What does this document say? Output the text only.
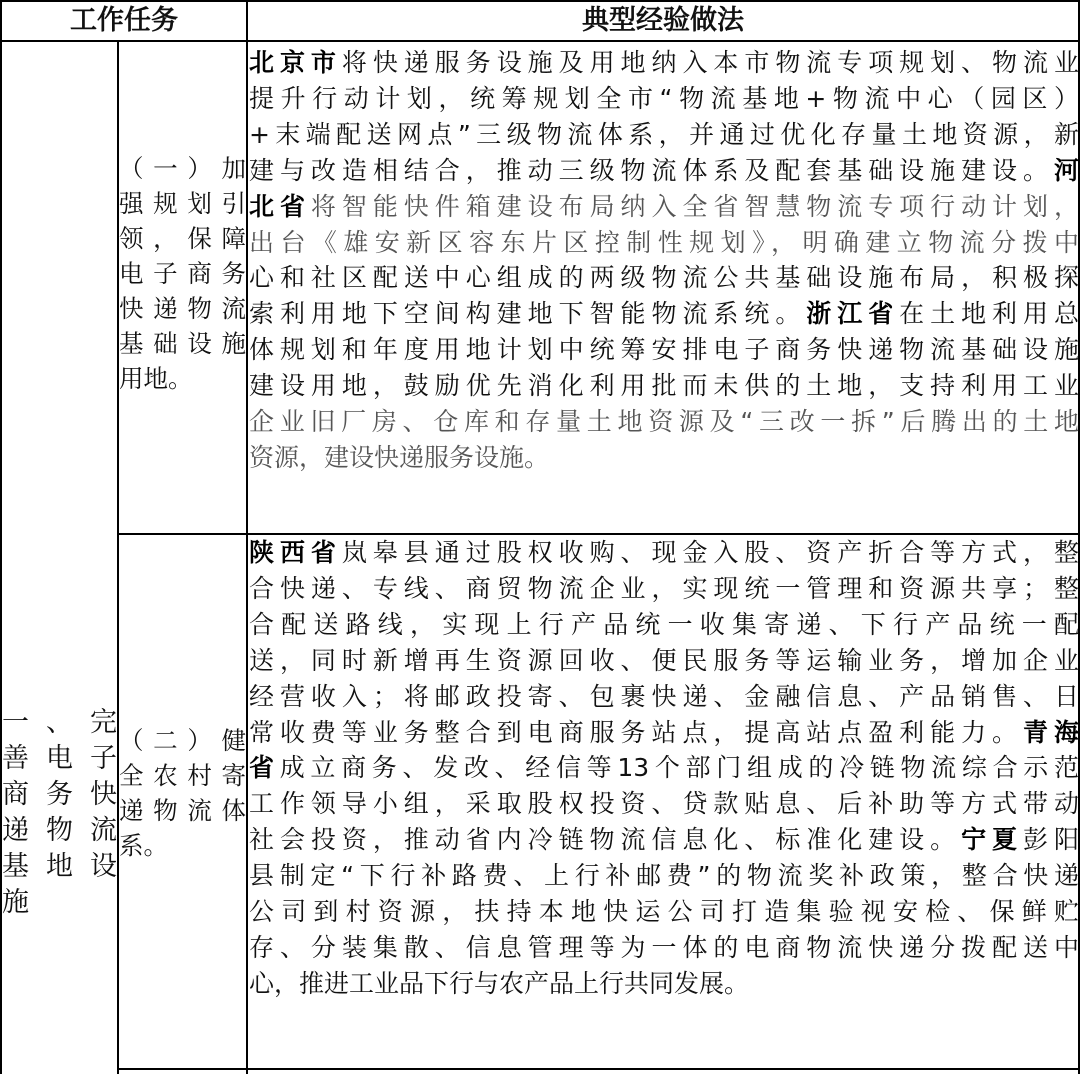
工作任务	典型经验做法
一 、 完
善 电 子
商 务 快
递 物 流
基 地 设
施
（一）加
强规划引
领，保障
电子商务
快递物流
基础设施
用地。
北京市将快递服务设施及用地纳入本市物流专项规划、物流业
提升行动计划，统筹规划全市“物流基地+物流中心（园区）
+末端配送网点”三级物流体系，并通过优化存量土地资源，新
建与改造相结合，推动三级物流体系及配套基础设施建设。河
北省将智能快件箱建设布局纳入全省智慧物流专项行动计划，
出台《雄安新区容东片区控制性规划》，明确建立物流分拨中
心和社区配送中心组成的两级物流公共基础设施布局，积极探
索利用地下空间构建地下智能物流系统。浙江省在土地利用总
体规划和年度用地计划中统筹安排电子商务快递物流基础设施
建设用地，鼓励优先消化利用批而未供的土地，支持利用工业
企业旧厂房、仓库和存量土地资源及“三改一拆”后腾出的土地
资源，建设快递服务设施。
（二）健
全农村寄
递物流体
系。
陕西省岚皋县通过股权收购、现金入股、资产折合等方式，整
合快递、专线、商贸物流企业，实现统一管理和资源共享；整
合配送路线，实现上行产品统一收集寄递、下行产品统一配
送，同时新增再生资源回收、便民服务等运输业务，增加企业
经营收入；将邮政投寄、包裹快递、金融信息、产品销售、日
常收费等业务整合到电商服务站点，提高站点盈利能力。青海
省成立商务、发改、经信等13个部门组成的冷链物流综合示范
工作领导小组，采取股权投资、贷款贴息、后补助等方式带动
社会投资，推动省内冷链物流信息化、标准化建设。宁夏彭阳
县制定“下行补路费、上行补邮费”的物流奖补政策，整合快递
公司到村资源，扶持本地快运公司打造集验视安检、保鲜贮
存、分装集散、信息管理等为一体的电商物流快递分拨配送中
心，推进工业品下行与农产品上行共同发展。
